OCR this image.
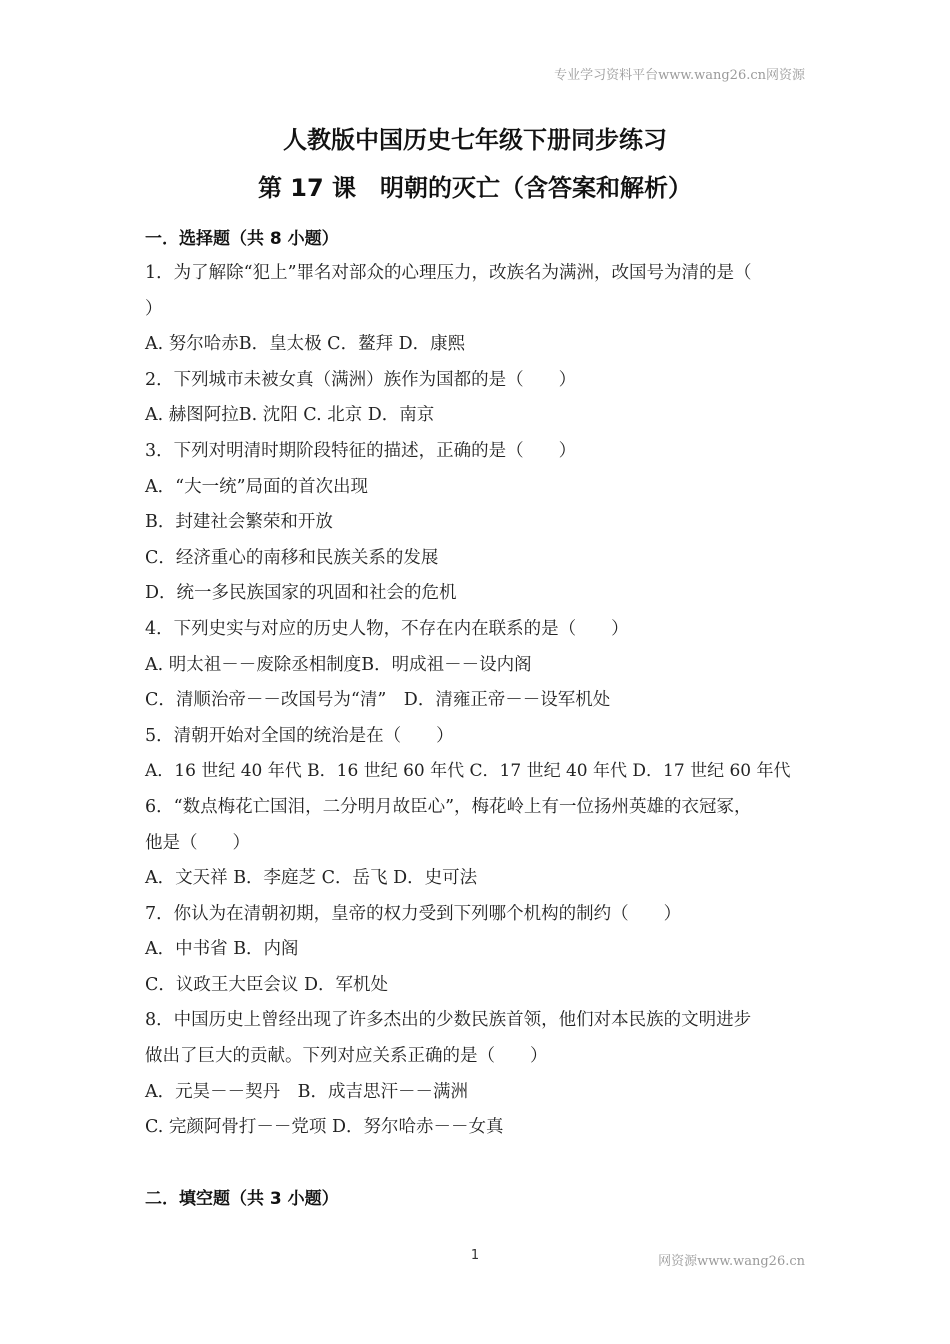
专业学习资料平台www.wang26.cn网资源
人教版中国历史七年级下册同步练习
第 17 课　明朝的灭亡（含答案和解析）
一．选择题（共 8 小题）
1．为了解除“犯上”罪名对部众的心理压力，改族名为满洲，改国号为清的是（
）
A. 努尔哈赤B．皇太极 C．鳌拜 D．康熙
2．下列城市未被女真（满洲）族作为国都的是（　　）
A. 赫图阿拉B. 沈阳 C. 北京 D．南京
3．下列对明清时期阶段特征的描述，正确的是（　　）
A．“大一统”局面的首次出现
B．封建社会繁荣和开放
C．经济重心的南移和民族关系的发展
D．统一多民族国家的巩固和社会的危机
4．下列史实与对应的历史人物，不存在内在联系的是（　　）
A. 明太祖－－废除丞相制度B．明成祖－－设内阁
C．清顺治帝－－改国号为“清”　D．清雍正帝－－设军机处
5．清朝开始对全国的统治是在（　　）
A．16 世纪 40 年代 B．16 世纪 60 年代 C．17 世纪 40 年代 D．17 世纪 60 年代
6．“数点梅花亡国泪，二分明月故臣心”，梅花岭上有一位扬州英雄的衣冠冢，
他是（　　）
A．文天祥 B．李庭芝 C．岳飞 D．史可法
7．你认为在清朝初期，皇帝的权力受到下列哪个机构的制约（　　）
A．中书省 B．内阁
C．议政王大臣会议 D．军机处
8．中国历史上曾经出现了许多杰出的少数民族首领，他们对本民族的文明进步
做出了巨大的贡献。下列对应关系正确的是（　　）
A．元昊－－契丹　B．成吉思汗－－满洲
C. 完颜阿骨打－－党项 D．努尔哈赤－－女真
二．填空题（共 3 小题）
1	网资源www.wang26.cn
